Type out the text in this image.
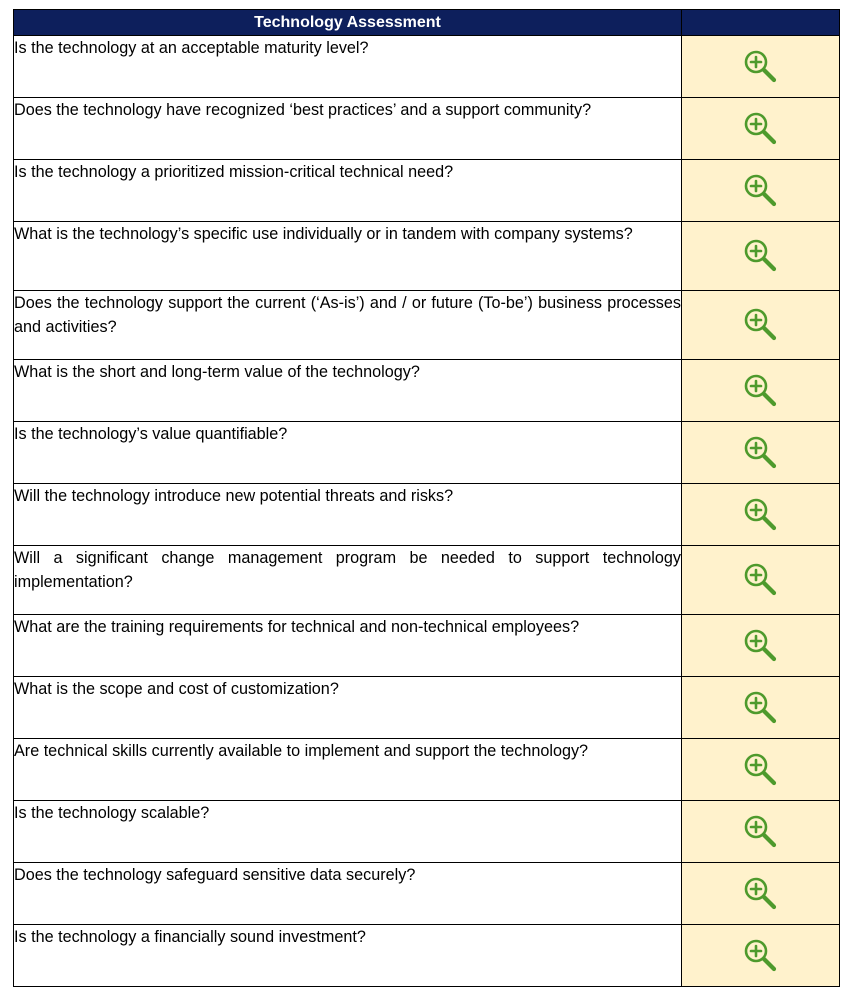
Technology Assessment	
Is the technology at an acceptable maturity level?	
Does the technology have recognized ‘best practices’ and a support community?	
Is the technology a prioritized mission-critical technical need?	
What is the technology’s specific use individually or in tandem with company systems?	
Does the technology support the current (‘As-is’) and / or future (To-be’) business processes and activities?	
What is the short and long-term value of the technology?	
Is the technology’s value quantifiable?	
Will the technology introduce new potential threats and risks?	
Will a significant change management program be needed to support technology implementation?	
What are the training requirements for technical and non-technical employees?	
What is the scope and cost of customization?	
Are technical skills currently available to implement and support the technology?	
Is the technology scalable?	
Does the technology safeguard sensitive data securely?	
Is the technology a financially sound investment?	
